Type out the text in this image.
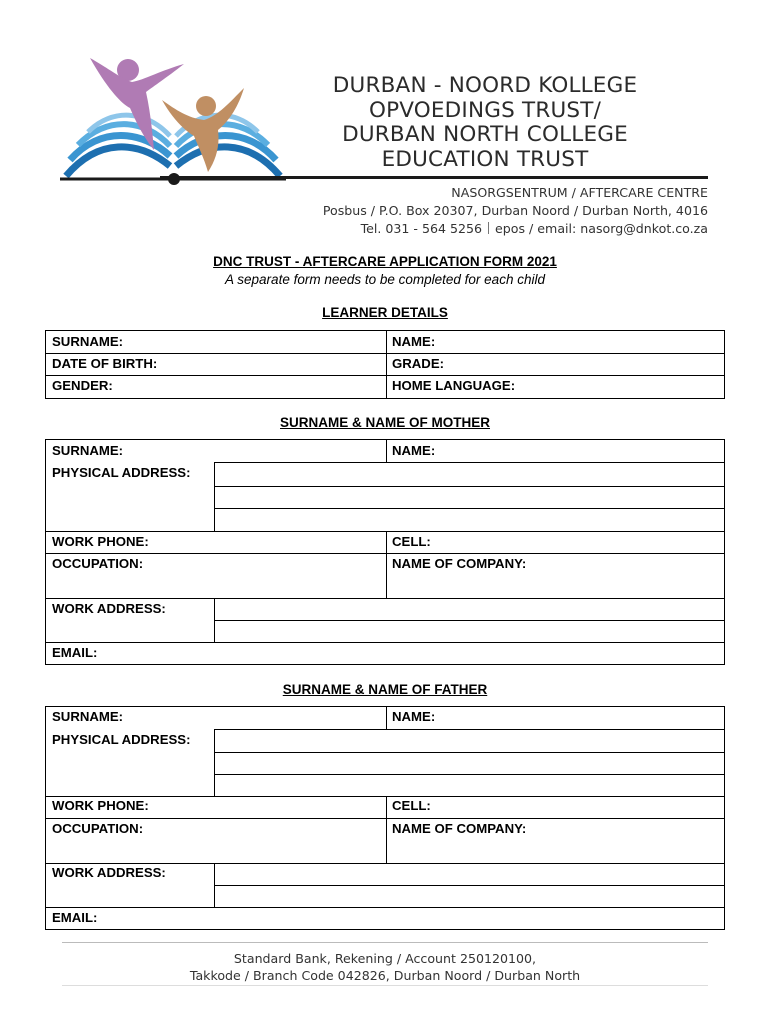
DURBAN - NOORD KOLLEGE
OPVOEDINGS TRUST/
DURBAN NORTH COLLEGE
EDUCATION TRUST
NASORGSENTRUM / AFTERCARE CENTRE
Posbus / P.O. Box 20307, Durban Noord / Durban North, 4016
Tel. 031 - 564 5256 epos / email: nasorg@dnkot.co.za
DNC TRUST - AFTERCARE APPLICATION FORM 2021
A separate form needs to be completed for each child
LEARNER DETAILS
SURNAME:	NAME:
DATE OF BIRTH:	GRADE:
GENDER:	HOME LANGUAGE:
SURNAME & NAME OF MOTHER
SURNAME:	NAME:
PHYSICAL ADDRESS:
WORK PHONE:	CELL:
OCCUPATION:	NAME OF COMPANY:
WORK ADDRESS:
EMAIL:
SURNAME & NAME OF FATHER
SURNAME:	NAME:
PHYSICAL ADDRESS:
WORK PHONE:	CELL:
OCCUPATION:	NAME OF COMPANY:
WORK ADDRESS:
EMAIL:
Standard Bank, Rekening / Account 250120100,
Takkode / Branch Code 042826, Durban Noord / Durban North
